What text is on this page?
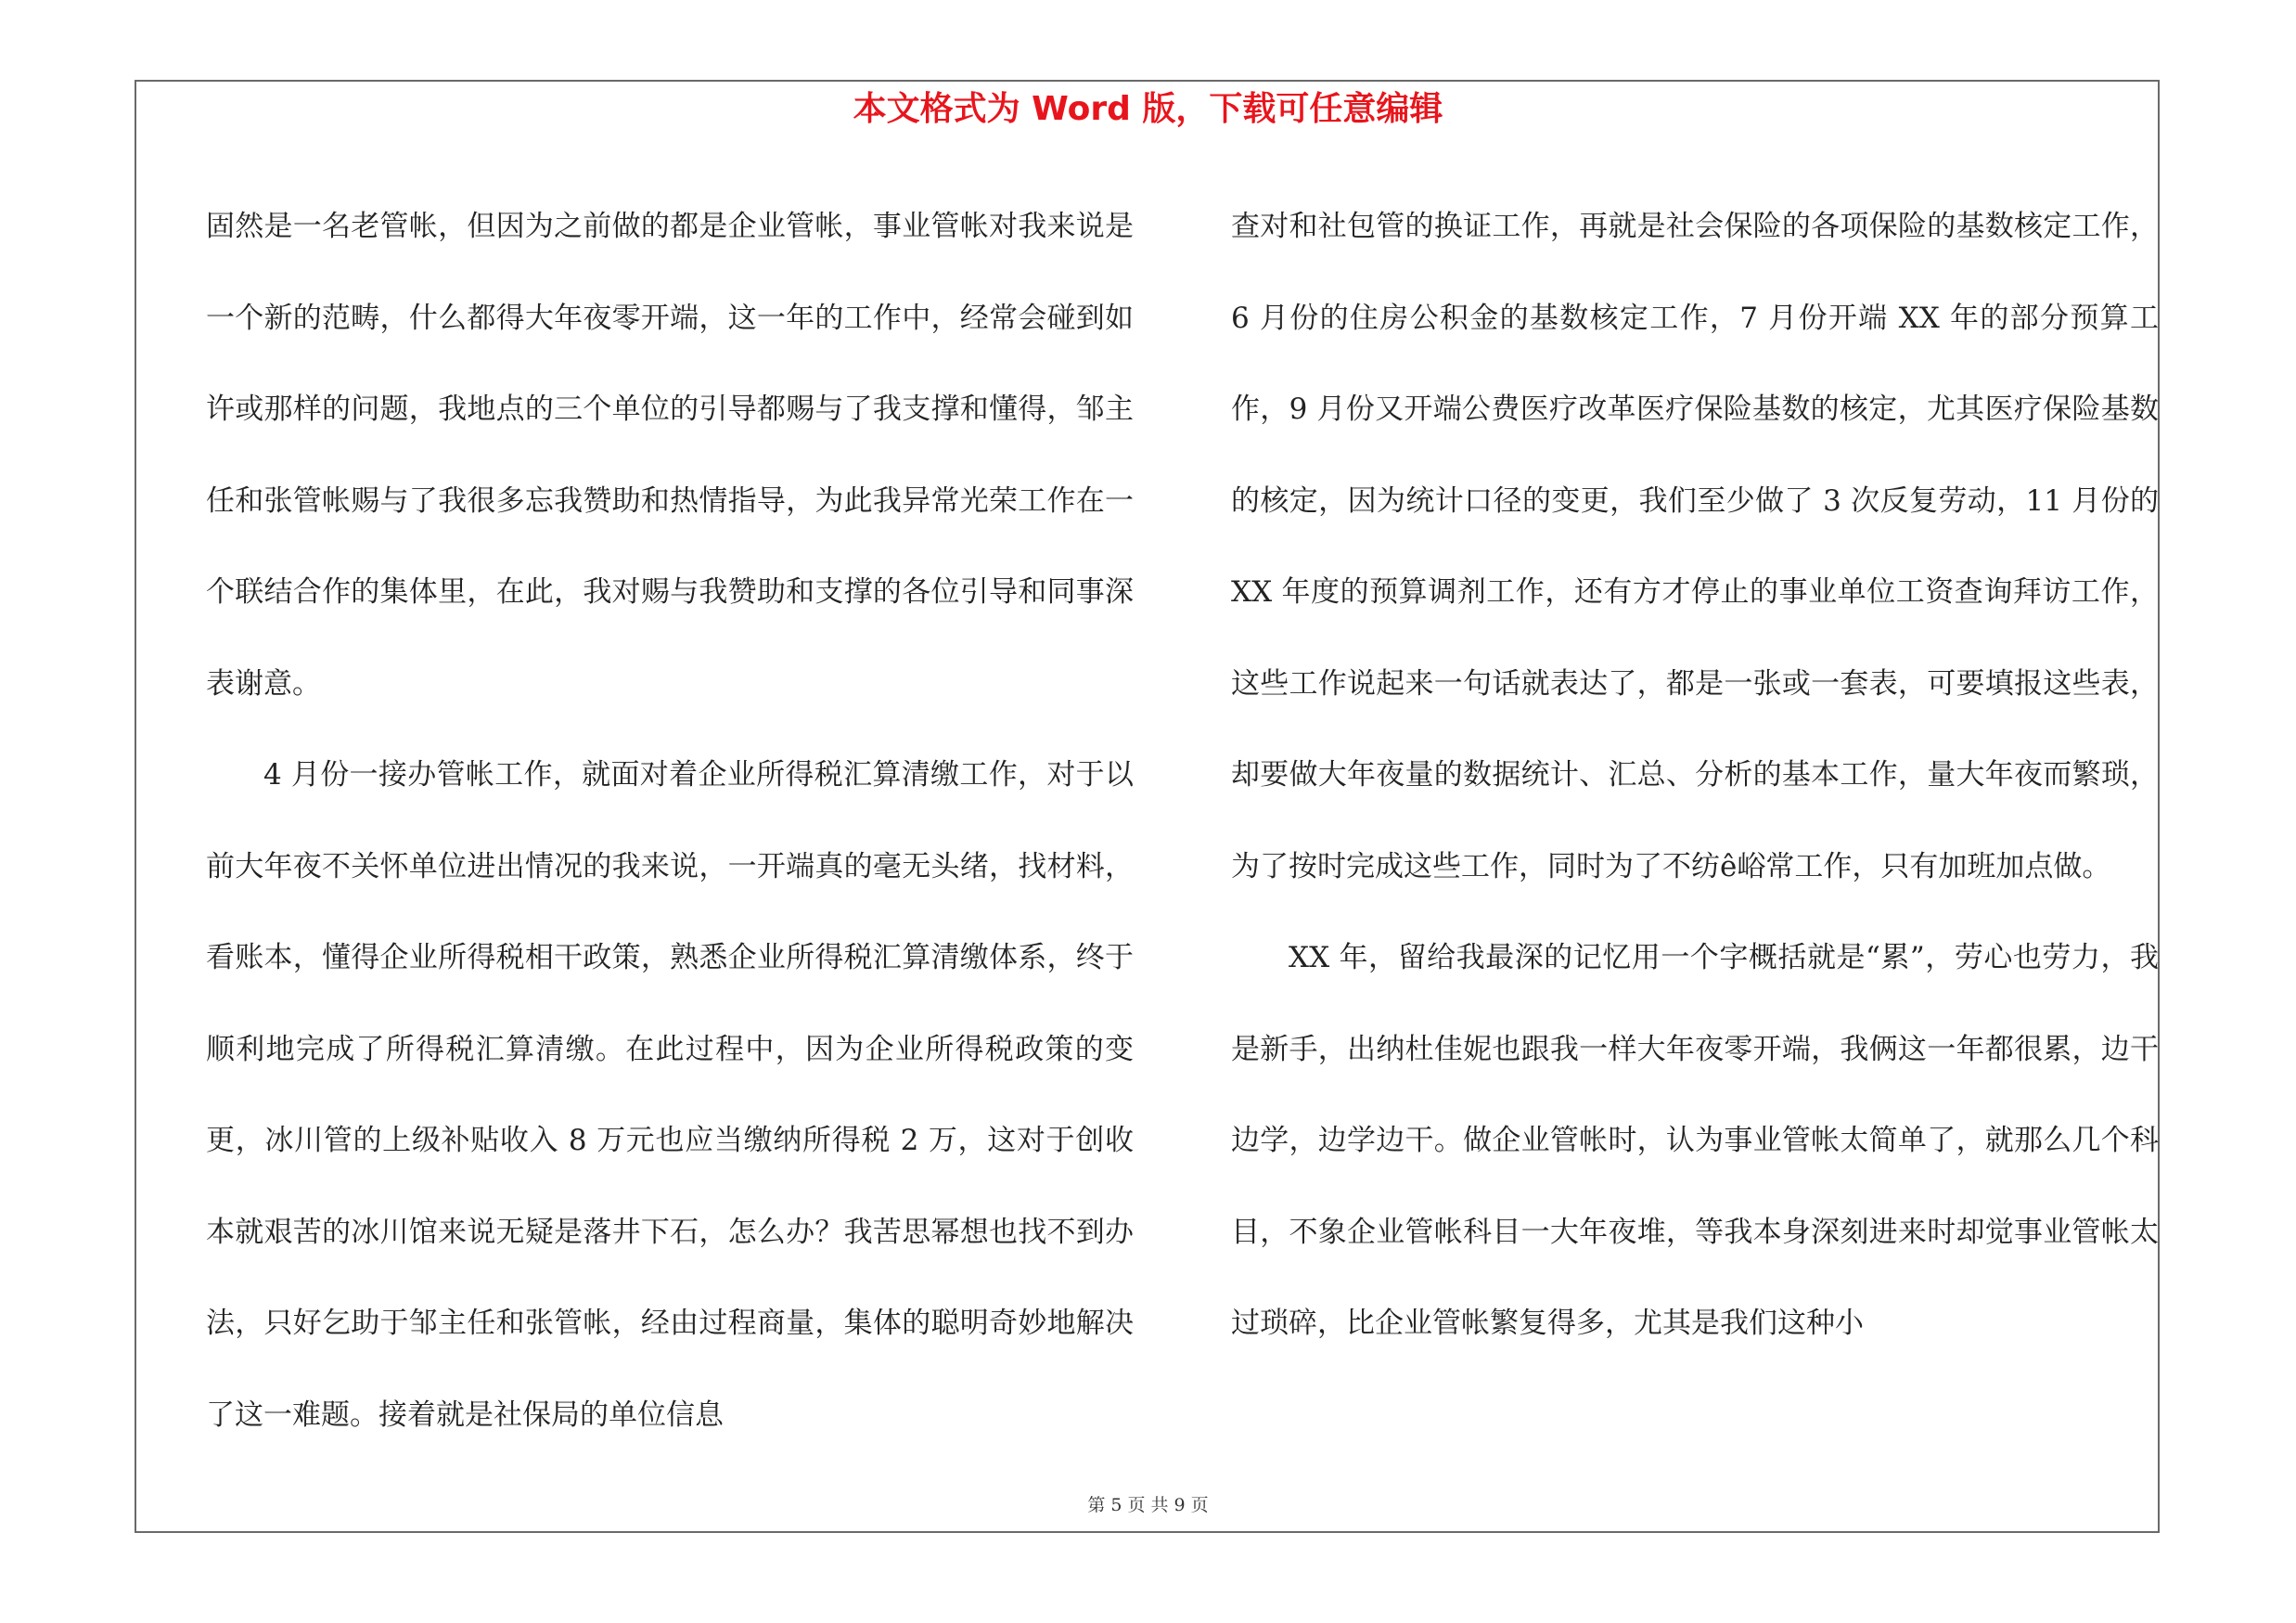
本文格式为 Word 版，下载可任意编辑

固然是一名老管帐，但因为之前做的都是企业管帐，事业管帐对我来说是一个新的范畴，什么都得大年夜零开端，这一年的工作中，经常会碰到如许或那样的问题，我地点的三个单位的引导都赐与了我支撑和懂得，邹主任和张管帐赐与了我很多忘我赞助和热情指导，为此我异常光荣工作在一个联结合作的集体里，在此，我对赐与我赞助和支撑的各位引导和同事深表谢意。

4 月份一接办管帐工作，就面对着企业所得税汇算清缴工作，对于以前大年夜不关怀单位进出情况的我来说，一开端真的毫无头绪，找材料，看账本，懂得企业所得税相干政策，熟悉企业所得税汇算清缴体系，终于顺利地完成了所得税汇算清缴。在此过程中，因为企业所得税政策的变更，冰川管的上级补贴收入 8 万元也应当缴纳所得税 2 万，这对于创收本就艰苦的冰川馆来说无疑是落井下石，怎么办？我苦思幂想也找不到办法，只好乞助于邹主任和张管帐，经由过程商量，集体的聪明奇妙地解决了这一难题。接着就是社保局的单位信息

查对和社包管的换证工作，再就是社会保险的各项保险的基数核定工作，6 月份的住房公积金的基数核定工作，7 月份开端 XX 年的部分预算工作，9 月份又开端公费医疗改革医疗保险基数的核定，尤其医疗保险基数的核定，因为统计口径的变更，我们至少做了 3 次反复劳动，11 月份的 XX 年度的预算调剂工作，还有方才停止的事业单位工资查询拜访工作，这些工作说起来一句话就表达了，都是一张或一套表，可要填报这些表，却要做大年夜量的数据统计、汇总、分析的基本工作，量大年夜而繁琐，为了按时完成这些工作，同时为了不纺ê峪常工作，只有加班加点做。

XX 年，留给我最深的记忆用一个字概括就是“累”，劳心也劳力，我是新手，出纳杜佳妮也跟我一样大年夜零开端，我俩这一年都很累，边干边学，边学边干。做企业管帐时，认为事业管帐太简单了，就那么几个科目，不象企业管帐科目一大年夜堆，等我本身深刻进来时却觉事业管帐太过琐碎，比企业管帐繁复得多，尤其是我们这种小

第 5 页 共 9 页
